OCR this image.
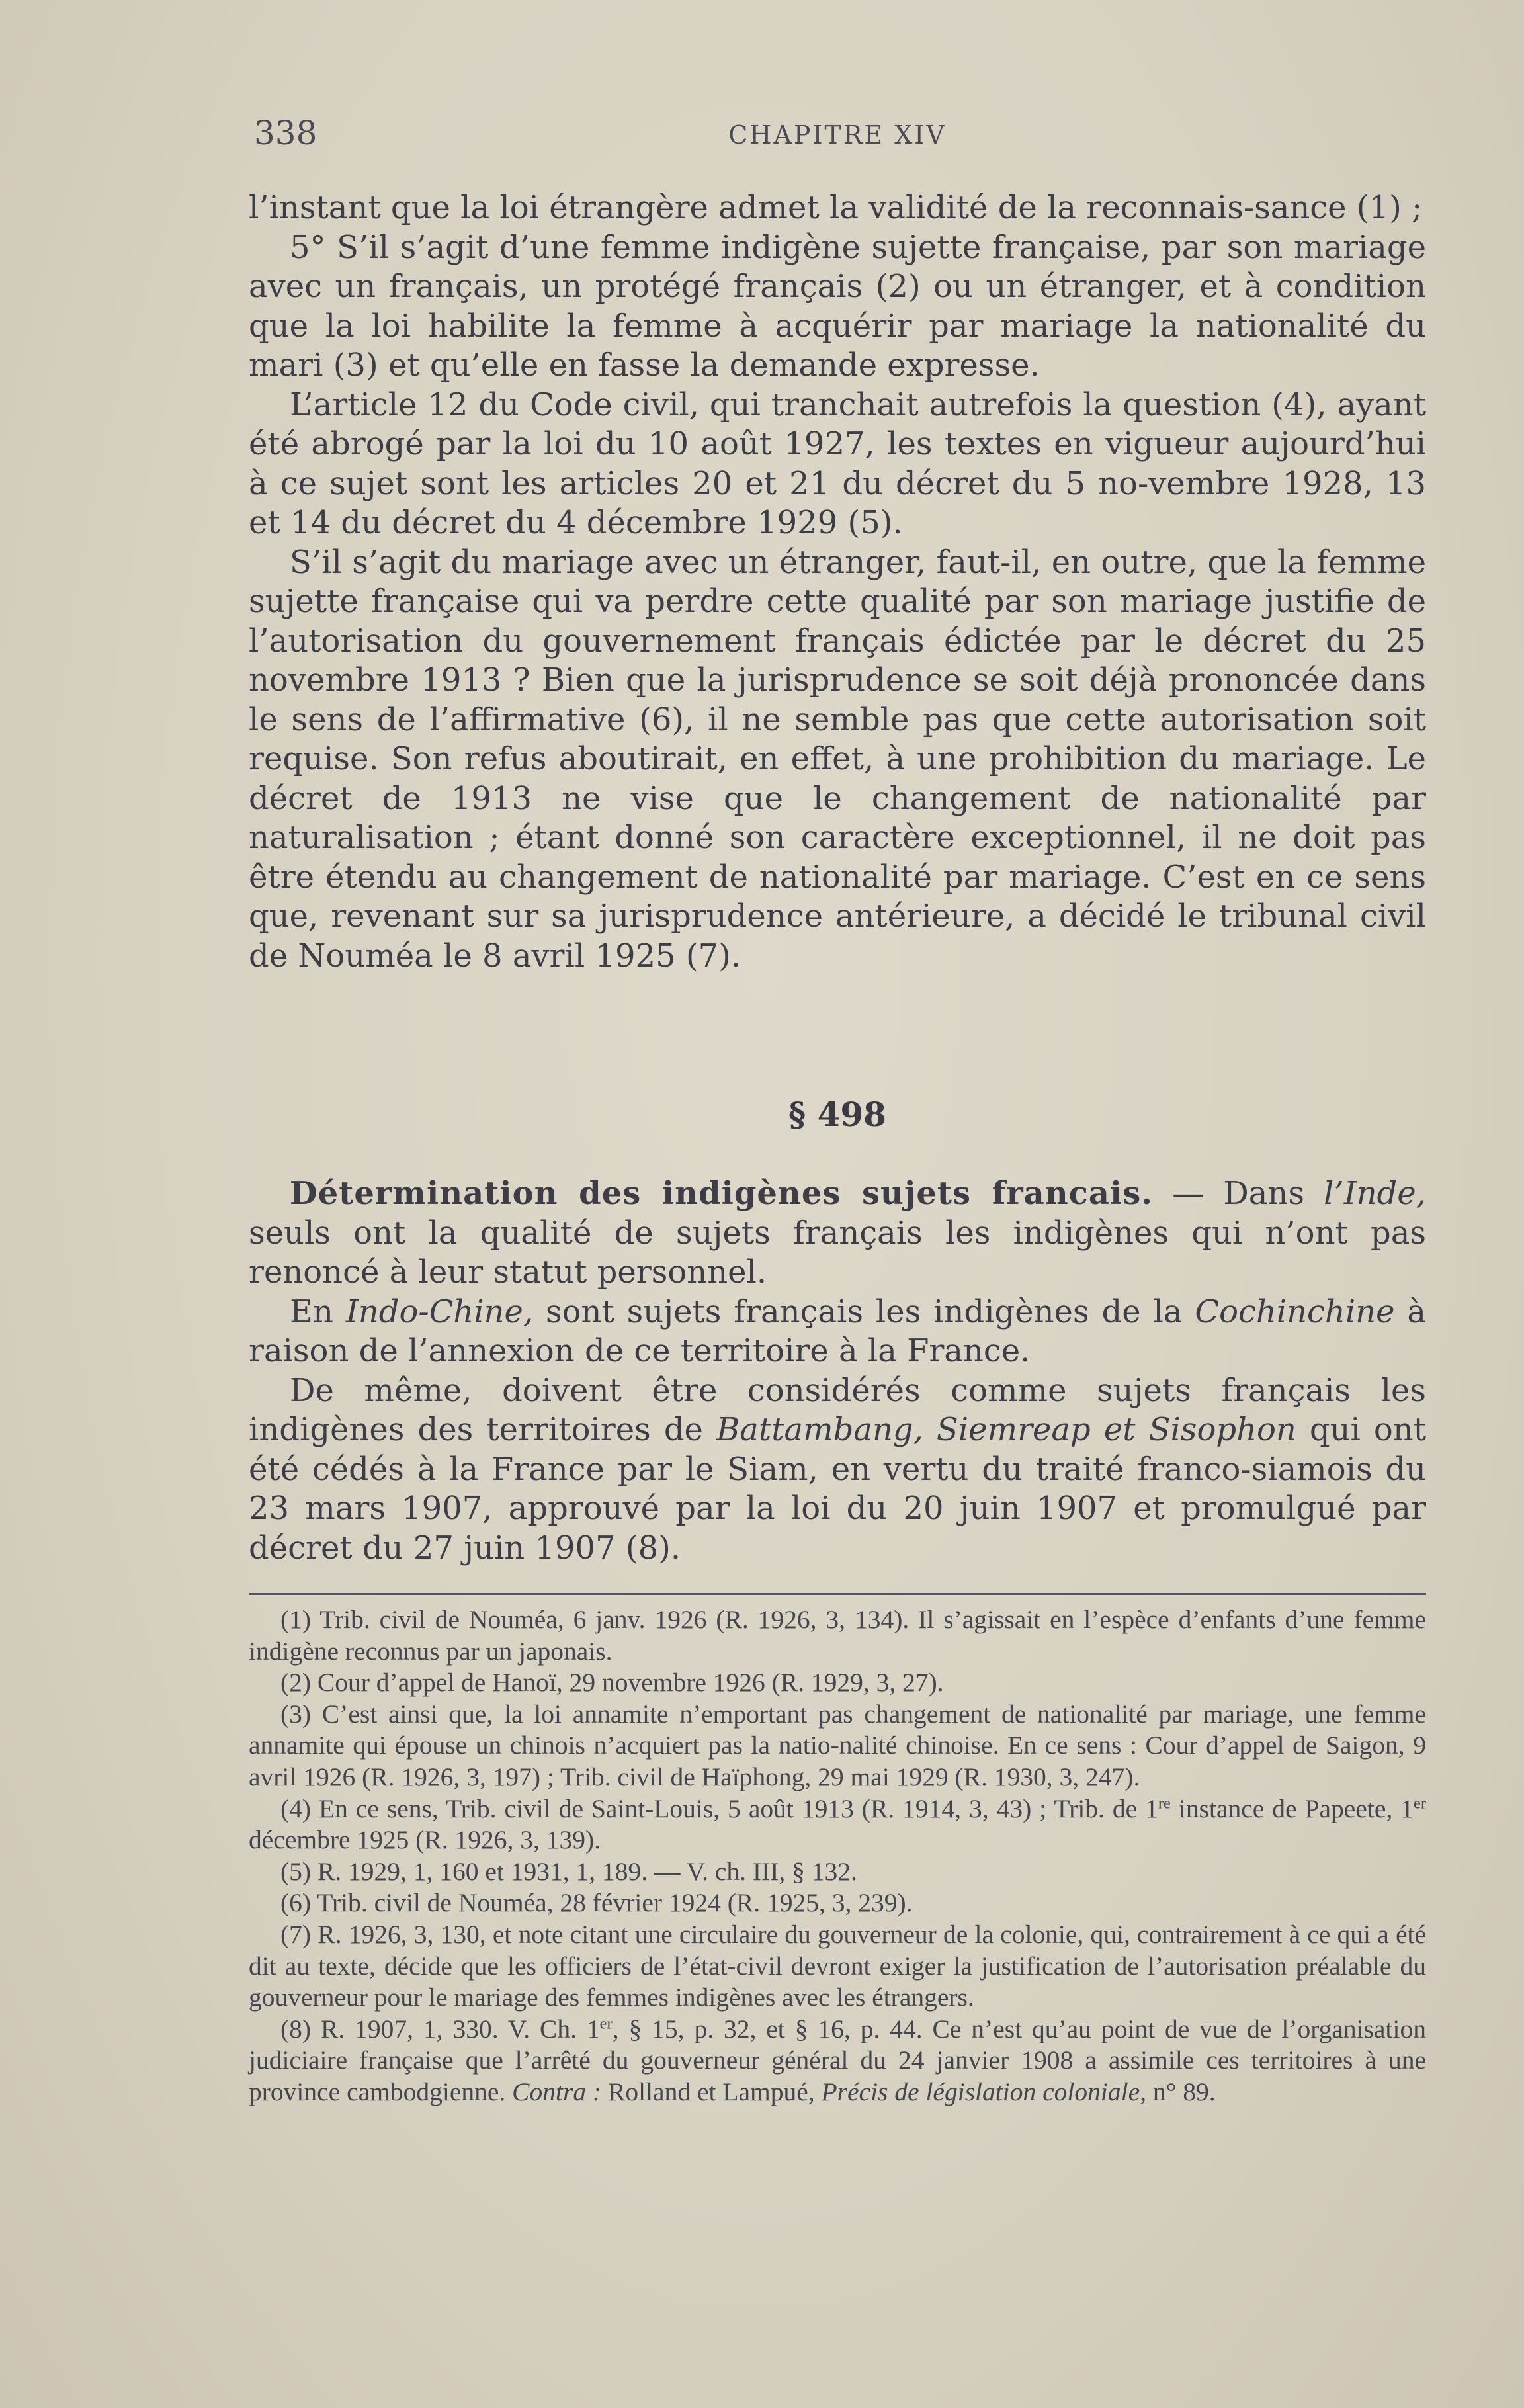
338	CHAPITRE XIV

l’instant que la loi étrangère admet la validité de la reconnais-sance (1) ;

5° S’il s’agit d’une femme indigène sujette française, par son mariage avec un français, un protégé français (2) ou un étranger, et à condition que la loi habilite la femme à acquérir par mariage la nationalité du mari (3) et qu’elle en fasse la demande expresse.

L’article 12 du Code civil, qui tranchait autrefois la question (4), ayant été abrogé par la loi du 10 août 1927, les textes en vigueur aujourd’hui à ce sujet sont les articles 20 et 21 du décret du 5 no-vembre 1928, 13 et 14 du décret du 4 décembre 1929 (5).

S’il s’agit du mariage avec un étranger, faut-il, en outre, que la femme sujette française qui va perdre cette qualité par son mariage justifie de l’autorisation du gouvernement français édictée par le décret du 25 novembre 1913 ? Bien que la jurisprudence se soit déjà prononcée dans le sens de l’affirmative (6), il ne semble pas que cette autorisation soit requise. Son refus aboutirait, en effet, à une prohibition du mariage. Le décret de 1913 ne vise que le changement de nationalité par naturalisation ; étant donné son caractère exceptionnel, il ne doit pas être étendu au changement de nationalité par mariage. C’est en ce sens que, revenant sur sa jurisprudence antérieure, a décidé le tribunal civil de Nouméa le 8 avril 1925 (7).

§ 498

Détermination des indigènes sujets francais. — Dans l’Inde, seuls ont la qualité de sujets français les indigènes qui n’ont pas renoncé à leur statut personnel.

En Indo-Chine, sont sujets français les indigènes de la Cochinchine à raison de l’annexion de ce territoire à la France.

De même, doivent être considérés comme sujets français les indigènes des territoires de Battambang, Siemreap et Sisophon qui ont été cédés à la France par le Siam, en vertu du traité franco-siamois du 23 mars 1907, approuvé par la loi du 20 juin 1907 et promulgué par décret du 27 juin 1907 (8).

(1) Trib. civil de Nouméa, 6 janv. 1926 (R. 1926, 3, 134). Il s’agissait en l’espèce d’enfants d’une femme indigène reconnus par un japonais.

(2) Cour d’appel de Hanoï, 29 novembre 1926 (R. 1929, 3, 27).

(3) C’est ainsi que, la loi annamite n’emportant pas changement de nationalité par mariage, une femme annamite qui épouse un chinois n’acquiert pas la natio-nalité chinoise. En ce sens : Cour d’appel de Saigon, 9 avril 1926 (R. 1926, 3, 197) ; Trib. civil de Haïphong, 29 mai 1929 (R. 1930, 3, 247).

(4) En ce sens, Trib. civil de Saint-Louis, 5 août 1913 (R. 1914, 3, 43) ; Trib. de 1re instance de Papeete, 1er décembre 1925 (R. 1926, 3, 139).

(5) R. 1929, 1, 160 et 1931, 1, 189. — V. ch. III, § 132.

(6) Trib. civil de Nouméa, 28 février 1924 (R. 1925, 3, 239).

(7) R. 1926, 3, 130, et note citant une circulaire du gouverneur de la colonie, qui, contrairement à ce qui a été dit au texte, décide que les officiers de l’état-civil devront exiger la justification de l’autorisation préalable du gouverneur pour le mariage des femmes indigènes avec les étrangers.

(8) R. 1907, 1, 330. V. Ch. 1er, § 15, p. 32, et § 16, p. 44. Ce n’est qu’au point de vue de l’organisation judiciaire française que l’arrêté du gouverneur général du 24 janvier 1908 a assimile ces territoires à une province cambodgienne. Contra : Rolland et Lampué, Précis de législation coloniale, n° 89.
